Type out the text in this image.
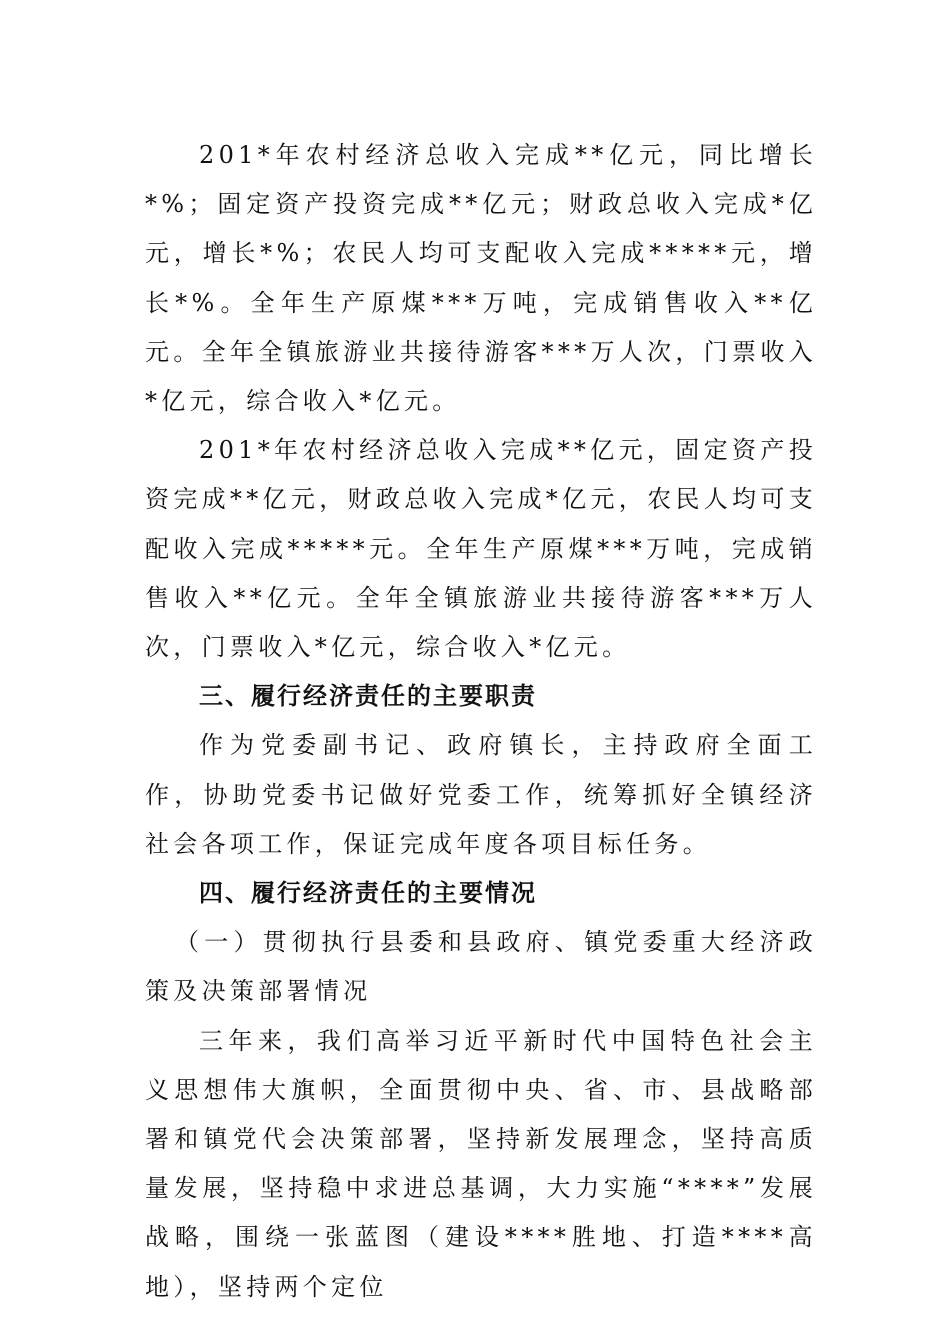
201*年农村经济总收入完成**亿元，同比增长*%；固定资产投资完成**亿元；财政总收入完成*亿元，增长*%；农民人均可支配收入完成*****元，增长*%。全年生产原煤***万吨，完成销售收入**亿元。全年全镇旅游业共接待游客***万人次，门票收入*亿元，综合收入*亿元。

201*年农村经济总收入完成**亿元，固定资产投资完成**亿元，财政总收入完成*亿元，农民人均可支配收入完成*****元。全年生产原煤***万吨，完成销售收入**亿元。全年全镇旅游业共接待游客***万人次，门票收入*亿元，综合收入*亿元。

三、履行经济责任的主要职责

作为党委副书记、政府镇长，主持政府全面工作，协助党委书记做好党委工作，统筹抓好全镇经济社会各项工作，保证完成年度各项目标任务。

四、履行经济责任的主要情况

（一）贯彻执行县委和县政府、镇党委重大经济政策及决策部署情况

三年来，我们高举习近平新时代中国特色社会主义思想伟大旗帜，全面贯彻中央、省、市、县战略部署和镇党代会决策部署，坚持新发展理念，坚持高质量发展，坚持稳中求进总基调，大力实施“****”发展战略，围绕一张蓝图（建设****胜地、打造****高地），坚持两个定位
